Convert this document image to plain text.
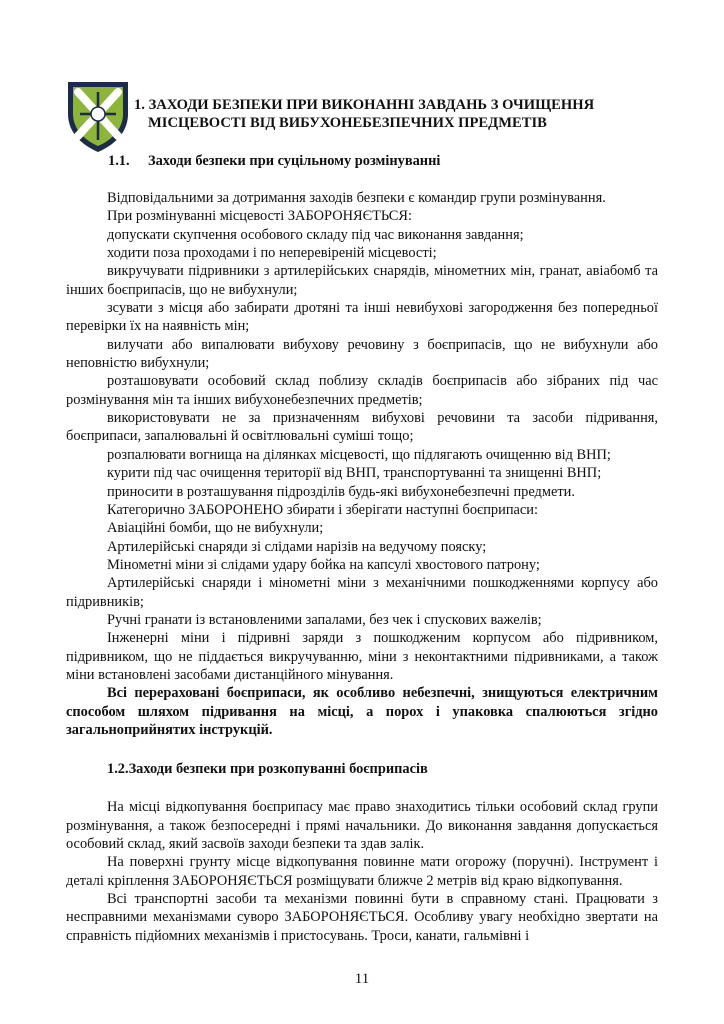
1. ЗАХОДИ БЕЗПЕКИ ПРИ ВИКОНАННІ ЗАВДАНЬ З ОЧИЩЕННЯ
МІСЦЕВОСТІ ВІД ВИБУХОНЕБЕЗПЕЧНИХ ПРЕДМЕТІВ
1.1. Заходи безпеки при суцільному розмінуванні

Відповідальними за дотримання заходів безпеки є командир групи розмінування.

При розмінуванні місцевості ЗАБОРОНЯЄТЬСЯ:

допускати скупчення особового складу під час виконання завдання;

ходити поза проходами і по неперевіреній місцевості;

викручувати підривники з артилерійських снарядів, мінометних мін, гранат, авіабомб та інших боєприпасів, що не вибухнули;

зсувати з місця або забирати дротяні та інші невибухові загородження без попередньої перевірки їх на наявність мін;

вилучати або випалювати вибухову речовину з боєприпасів, що не вибухнули або неповністю вибухнули;

розташовувати особовий склад поблизу складів боєприпасів або зібраних під час розмінування мін та інших вибухонебезпечних предметів;

використовувати не за призначенням вибухові речовини та засоби підривання, боєприпаси, запалювальні й освітлювальні суміші тощо;

розпалювати вогнища на ділянках місцевості, що підлягають очищенню від ВНП;

курити під час очищення території від ВНП, транспортуванні та знищенні ВНП;

приносити в розташування підрозділів будь-які вибухонебезпечні предмети.

Категорично ЗАБОРОНЕНО збирати і зберігати наступні боєприпаси:

Авіаційні бомби, що не вибухнули;

Артилерійські снаряди зі слідами нарізів на ведучому пояску;

Мінометні міни зі слідами удару бойка на капсулі хвостового патрону;

Артилерійські снаряди і мінометні міни з механічними пошкодженнями корпусу або підривників;

Ручні гранати із встановленими запалами, без чек і спускових важелів;

Інженерні міни і підривні заряди з пошкодженим корпусом або підривником, підривником, що не піддається викручуванню, міни з неконтактними підривниками, а також міни встановлені засобами дистанційного мінування.

Всі перераховані боєприпаси, як особливо небезпечні, знищуються електричним способом шляхом підривання на місці, а порох і упаковка спалюються згідно загальноприйнятих інструкцій.

1.2.Заходи безпеки при розкопуванні боєприпасів

На місці відкопування боєприпасу має право знаходитись тільки особовий склад групи розмінування, а також безпосередні і прямі начальники. До виконання завдання допускається особовий склад, який засвоїв заходи безпеки та здав залік.

На поверхні грунту місце відкопування повинне мати огорожу (поручні). Інструмент і деталі кріплення ЗАБОРОНЯЄТЬСЯ розміщувати ближче 2 метрів від краю відкопування.

Всі транспортні засоби та механізми повинні бути в справному стані. Працювати з несправними механізмами суворо ЗАБОРОНЯЄТЬСЯ. Особливу увагу необхідно звертати на справність підйомних механізмів і пристосувань. Троси, канати, гальмівні і

11
